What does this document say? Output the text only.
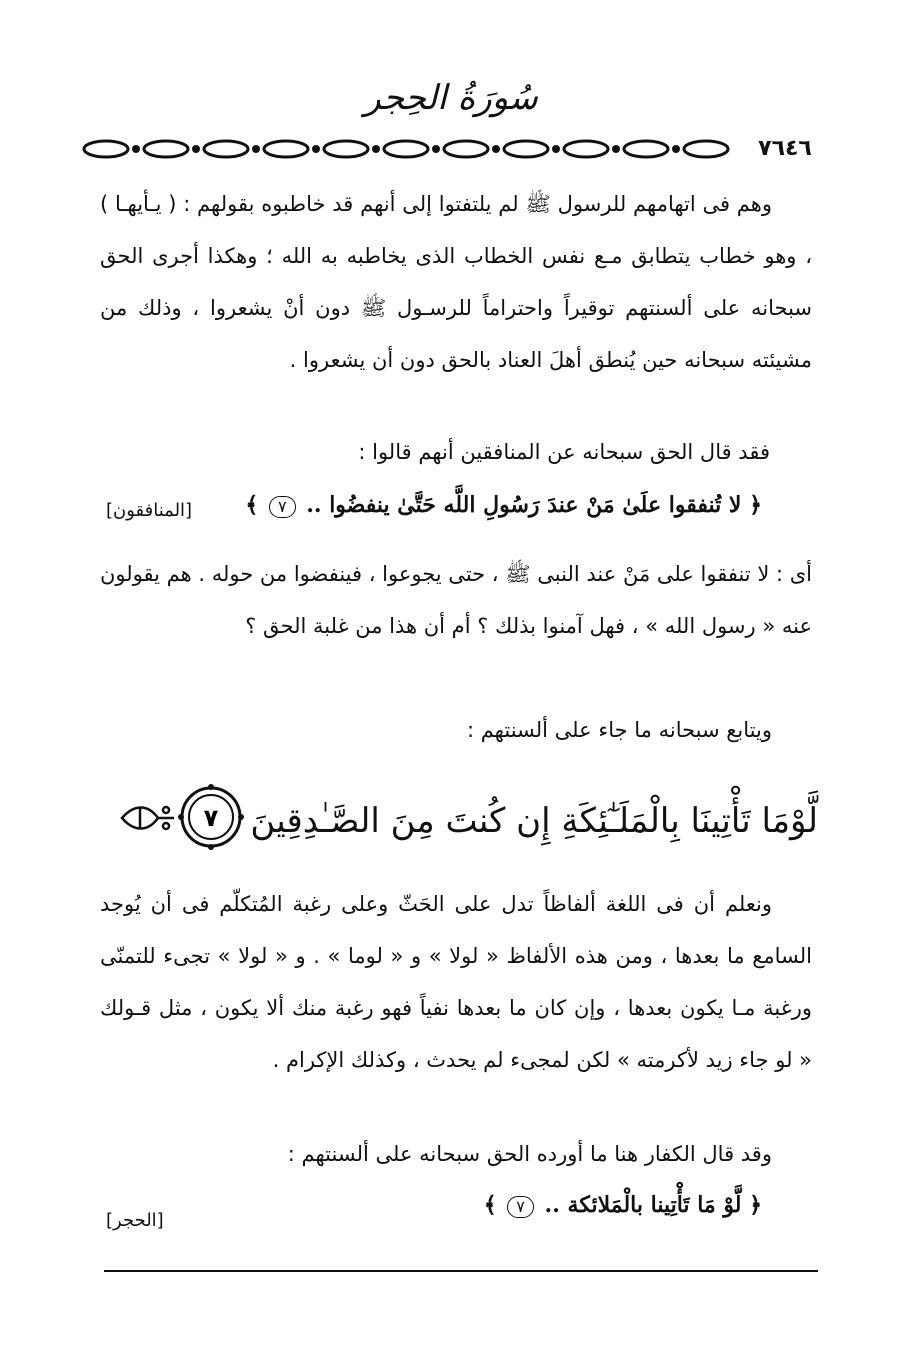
سُورَةُ الحِجر
٧٦٤٦
وهم فى اتهامهم للرسول ﷺ لم يلتفتوا إلى أنهم قد خاطبوه بقولهم : ( يـأيهـا ) ، وهو خطاب يتطابق مـع نفس الخطاب الذى يخاطبه به الله ؛ وهكذا أجرى الحق سبحانه على ألسنتهم توقيراً واحتراماً للرسـول ﷺ دون أنْ يشعروا ، وذلك من مشيئته سبحانه حين يُنطق أهلَ العناد بالحق دون أن يشعروا .
فقد قال الحق سبحانه عن المنافقين أنهم قالوا :
﴿ لا تُنفقوا علَىٰ مَنْ عندَ رَسُولِ اللَّه حَتَّىٰ ينفضُوا .. ٧ ﴾
[المنافقون]
أى : لا تنفقوا على مَنْ عند النبى ﷺ ، حتى يجوعوا ، فينفضوا من حوله . هم يقولون عنه « رسول الله » ، فهل آمنوا بذلك ؟ أم أن هذا من غلبة الحق ؟
ويتابع سبحانه ما جاء على ألسنتهم :
لَّوْمَا تَأْتِينَا بِالْمَلَـٰٓئِكَةِ إِن كُنتَ مِنَ الصَّـٰدِقِينَ
٧
ونعلم أن فى اللغة ألفاظاً تدل على الحَثّ وعلى رغبة المُتكلّم فى أن يُوجد السامع ما بعدها ، ومن هذه الألفاظ « لولا » و « لوما » . و « لولا » تجىء للتمنّى ورغبة مـا يكون بعدها ، وإن كان ما بعدها نفياً فهو رغبة منك ألا يكون ، مثل قـولك « لو جاء زيد لأكرمته » لكن لمجىء لم يحدث ، وكذلك الإكرام .
وقد قال الكفار هنا ما أورده الحق سبحانه على ألسنتهم :
﴿ لَّوْ مَا تَأْتِينا بالْمَلائكة .. ٧ ﴾
[الحجر]
